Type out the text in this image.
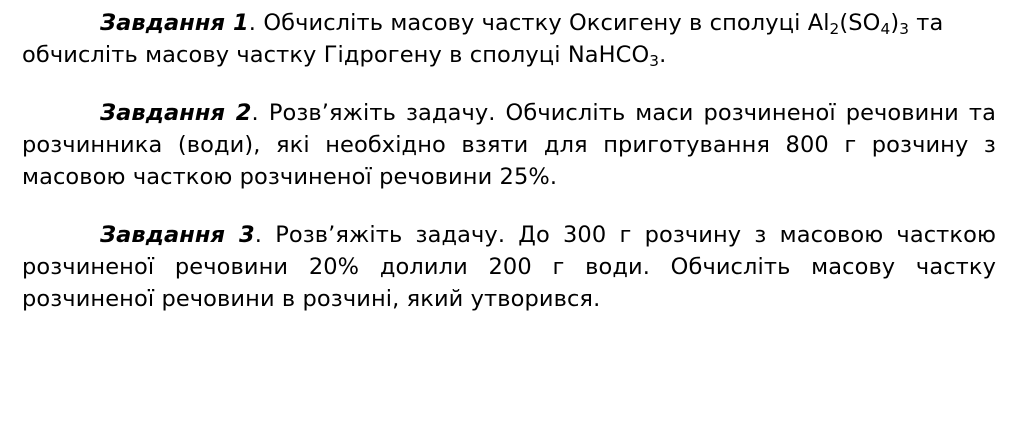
Завдання 1. Обчисліть масову частку Оксигену в сполуці $Al_2(SO_4)_3$ та обчисліть масову частку Гідрогену в сполуці NaHCO$_3$.

Завдання 2. Розв’яжіть задачу. Обчисліть маси розчиненої речовини та розчинника (води), які необхідно взяти для приготування 800 г розчину з масовою часткою розчиненої речовини 25%.

Завдання 3. Розв’яжіть задачу. До 300 г розчину з масовою часткою розчиненої речовини 20% долили 200 г води. Обчисліть масову частку розчиненої речовини в розчині, який утворився.
